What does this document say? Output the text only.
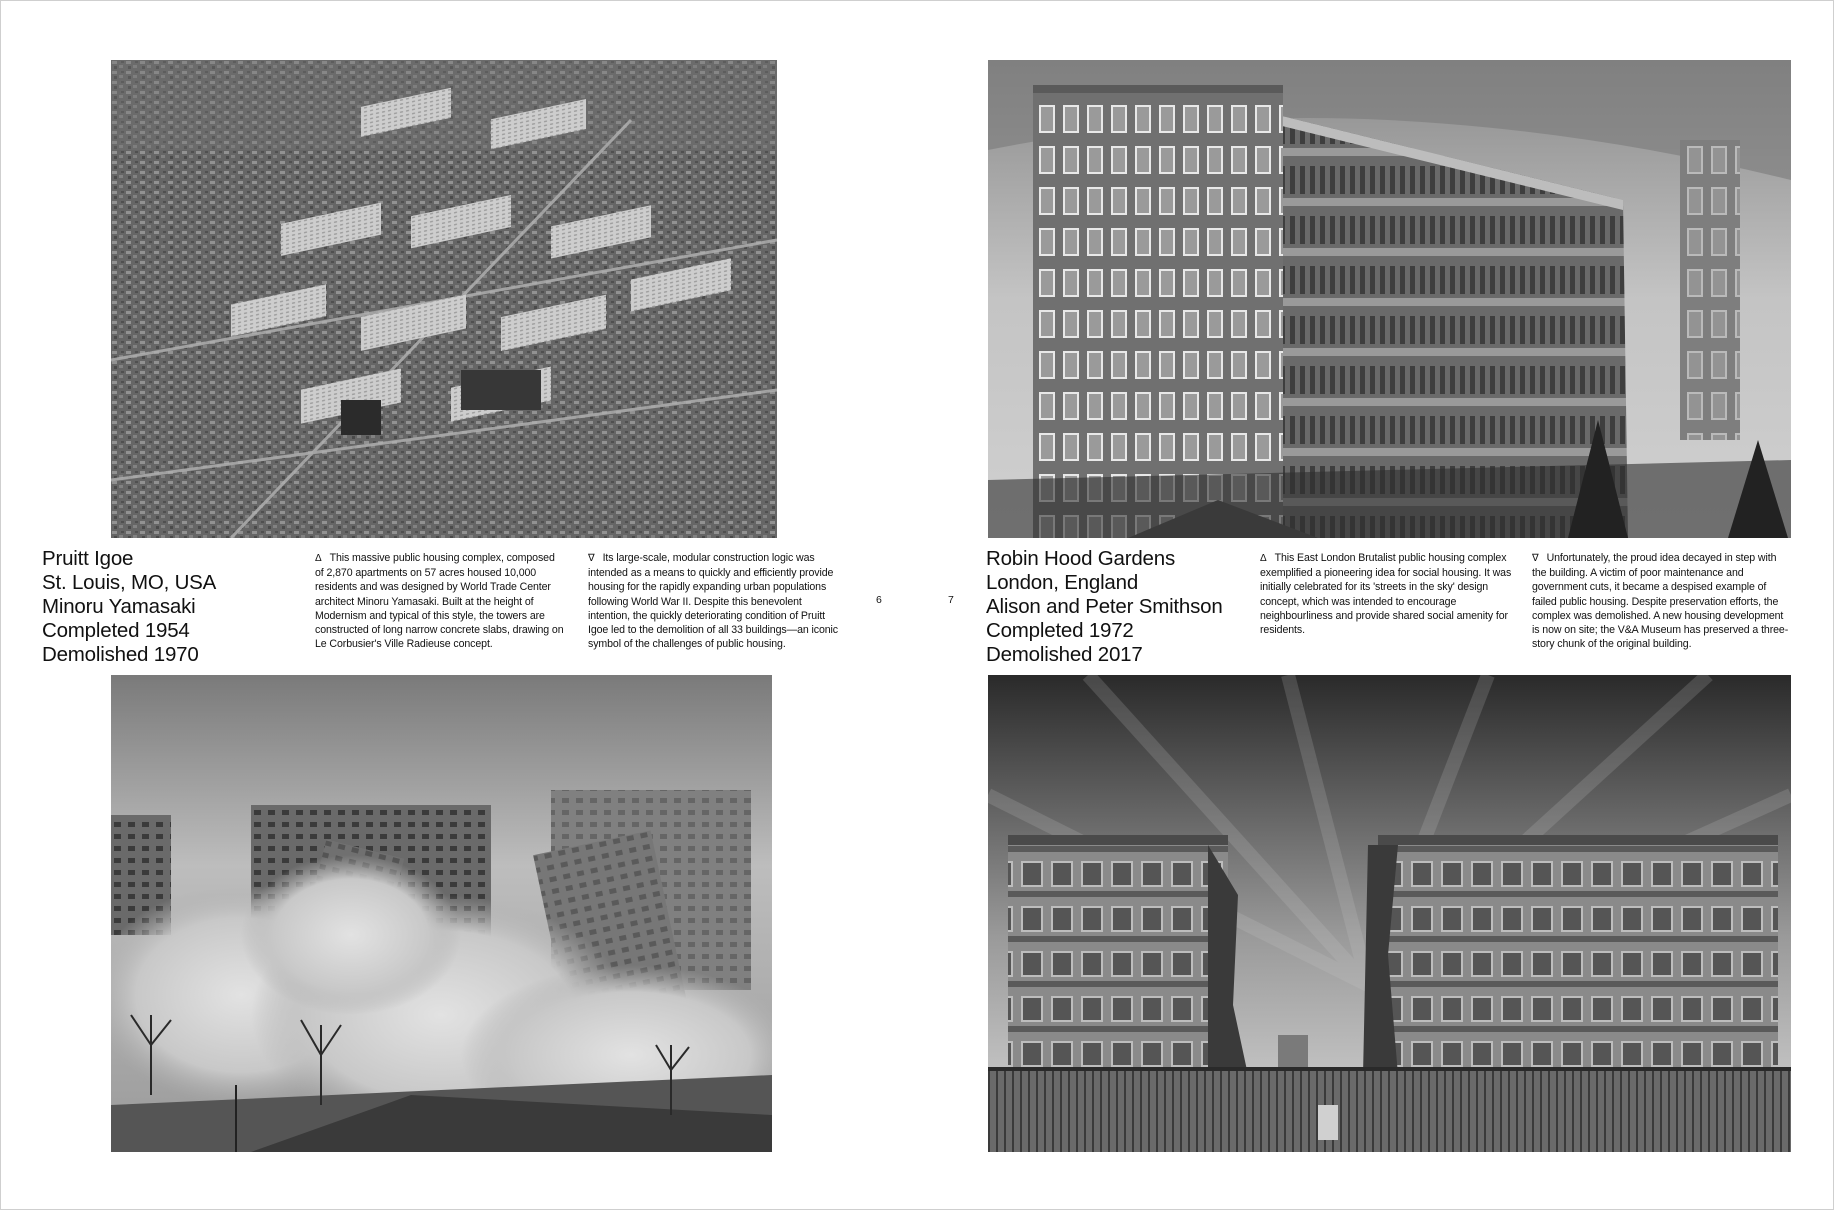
Pruitt Igoe
St. Louis, MO, USA
Minoru Yamasaki
Completed 1954
Demolished 1970
Δ This massive public housing complex, composed of 2,870 apartments on 57 acres housed 10,000 residents and was designed by World Trade Center architect Minoru Yamasaki. Built at the height of Modernism and typical of this style, the towers are constructed of long narrow concrete slabs, drawing on Le Corbusier's Ville Radieuse concept.
∇ Its large-scale, modular construction logic was intended as a means to quickly and efficiently provide housing for the rapidly expanding urban populations following World War II. Despite this benevolent intention, the quickly deteriorating condition of Pruitt Igoe led to the demolition of all 33 buildings—an iconic symbol of the challenges of public housing.
6	7
Robin Hood Gardens
London, England
Alison and Peter Smithson
Completed 1972
Demolished 2017
Δ This East London Brutalist public housing complex exemplified a pioneering idea for social housing. It was initially celebrated for its 'streets in the sky' design concept, which was intended to encourage neighbourliness and provide shared social amenity for residents.
∇ Unfortunately, the proud idea decayed in step with the building. A victim of poor maintenance and government cuts, it became a despised example of failed public housing. Despite preservation efforts, the complex was demolished. A new housing development is now on site; the V&A Museum has preserved a three-story chunk of the original building.
